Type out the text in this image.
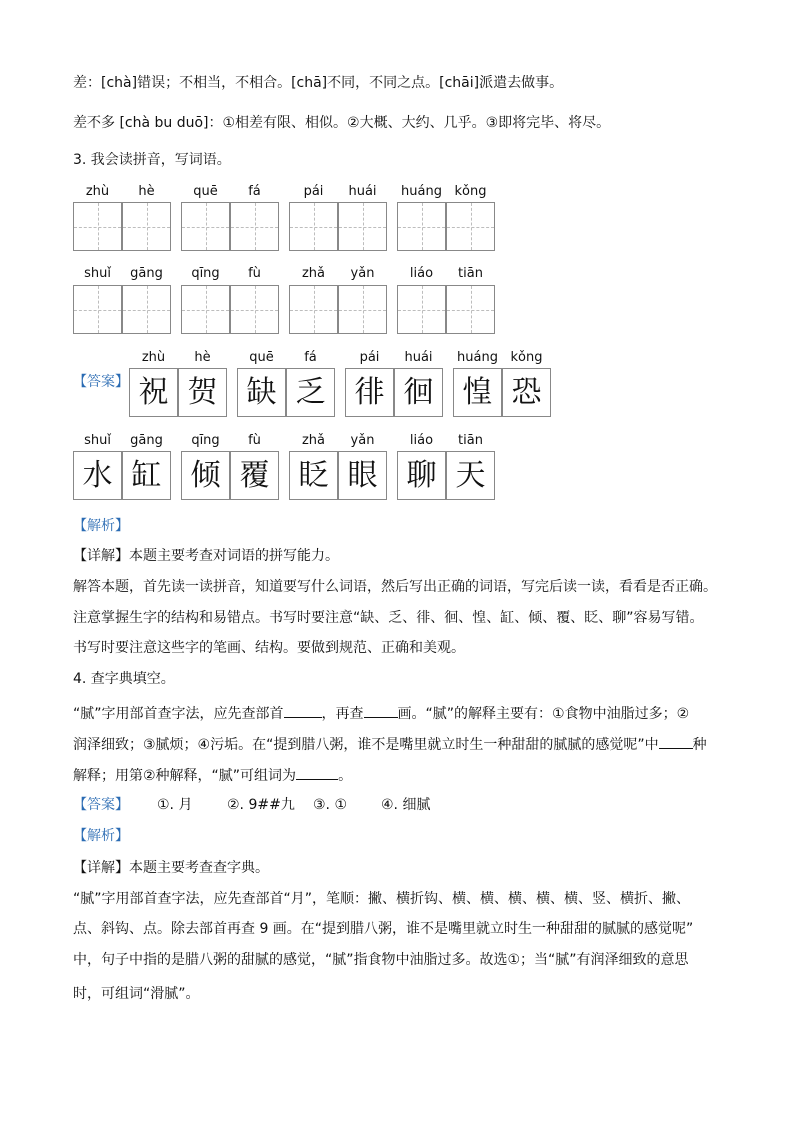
差：[chà]错误；不相当，不相合。[chā]不同，不同之点。[chāi]派遣去做事。
差不多 [chà bu duō]：①相差有限、相似。②大概、大约、几乎。③即将完毕、将尽。
3. 我会读拼音，写词语。
zhù	hè	quē	fá	pái	huái	huáng kǒng
shuǐ	gāng	qīng	fù	zhǎ	yǎn	liáo	tiān
【答案】
zhù	hè	quē	fá	pái	huái	huáng kǒng
祝 贺 缺 乏 徘 徊 惶 恐
shuǐ	gāng	qīng	fù	zhǎ	yǎn	liáo	tiān
水 缸 倾 覆 眨 眼 聊 天
【解析】
【详解】本题主要考查对词语的拼写能力。
解答本题，首先读一读拼音，知道要写什么词语，然后写出正确的词语，写完后读一读，看看是否正确。
注意掌握生字的结构和易错点。书写时要注意“缺、乏、徘、徊、惶、缸、倾、覆、眨、聊”容易写错。
书写时要注意这些字的笔画、结构。要做到规范、正确和美观。
4. 查字典填空。
“腻”字用部首查字法，应先查部首	，再查 画。“腻”的解释主要有：①食物中油脂过多；②
润泽细致；③腻烦；④污垢。在“提到腊八粥，谁不是嘴里就立时生一种甜甜的腻腻的感觉呢”中 种
解释；用第②种解释，“腻”可组词为	。
【答案】 ①. 月 ②. 9##九 ③. ① ④. 细腻
【解析】
【详解】本题主要考查查字典。
“腻”字用部首查字法，应先查部首“月”，笔顺：撇、横折钩、横、横、横、横、横、竖、横折、撇、
点、斜钩、点。除去部首再查 9 画。在“提到腊八粥，谁不是嘴里就立时生一种甜甜的腻腻的感觉呢”
中，句子中指的是腊八粥的甜腻的感觉，“腻”指食物中油脂过多。故选①；当“腻”有润泽细致的意思
时，可组词“滑腻”。
